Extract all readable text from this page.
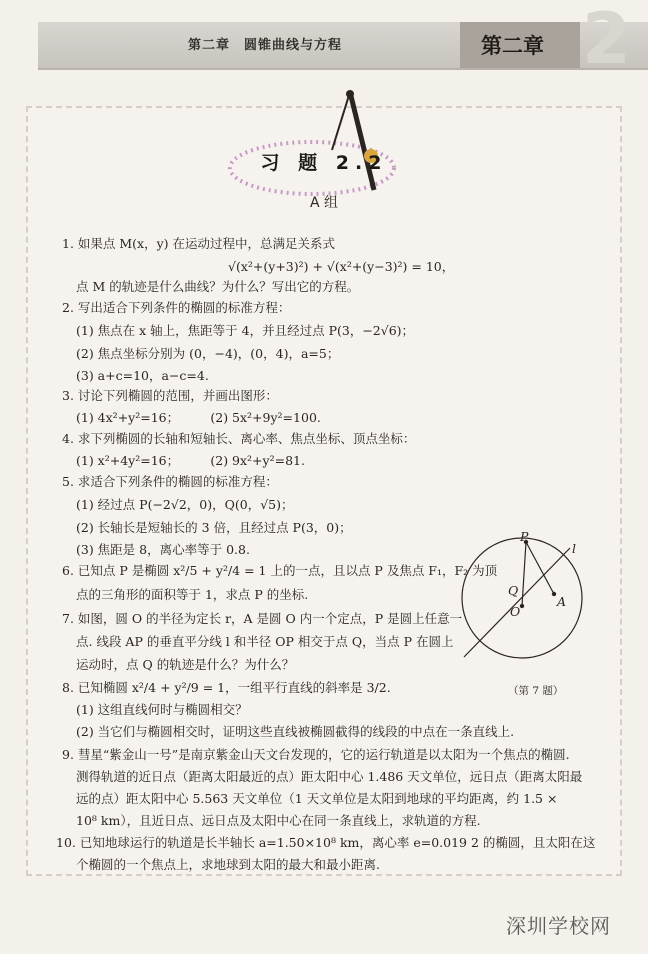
2
第二章　圆锥曲线与方程	第二章
习 题 2.2
A 组
1. 如果点 M(x，y) 在运动过程中，总满足关系式
√(x²+(y+3)²) + √(x²+(y−3)²) = 10，
点 M 的轨迹是什么曲线？为什么？写出它的方程。
2. 写出适合下列条件的椭圆的标准方程：
(1) 焦点在 x 轴上，焦距等于 4，并且经过点 P(3，−2√6)；
(2) 焦点坐标分别为 (0，−4)，(0，4)，a=5；
(3) a+c=10，a−c=4.
3. 讨论下列椭圆的范围，并画出图形：
(1) 4x²+y²=16；　　　(2) 5x²+9y²=100.
4. 求下列椭圆的长轴和短轴长、离心率、焦点坐标、顶点坐标：
(1) x²+4y²=16；　　　(2) 9x²+y²=81.
5. 求适合下列条件的椭圆的标准方程：
(1) 经过点 P(−2√2，0)，Q(0，√5)；
(2) 长轴长是短轴长的 3 倍，且经过点 P(3，0)；
(3) 焦距是 8，离心率等于 0.8.
6. 已知点 P 是椭圆 x²/5 + y²/4 = 1 上的一点，且以点 P 及焦点 F₁，F₂ 为顶
点的三角形的面积等于 1，求点 P 的坐标.
7. 如图，圆 O 的半径为定长 r，A 是圆 O 内一个定点，P 是圆上任意一
点. 线段 AP 的垂直平分线 l 和半径 OP 相交于点 Q，当点 P 在圆上
运动时，点 Q 的轨迹是什么？为什么？
8. 已知椭圆 x²/4 + y²/9 = 1，一组平行直线的斜率是 3/2.
(1) 这组直线何时与椭圆相交？
(2) 当它们与椭圆相交时，证明这些直线被椭圆截得的线段的中点在一条直线上.
9. 彗星“紫金山一号”是南京紫金山天文台发现的，它的运行轨道是以太阳为一个焦点的椭圆.
测得轨道的近日点（距离太阳最近的点）距太阳中心 1.486 天文单位，远日点（距离太阳最
远的点）距太阳中心 5.563 天文单位（1 天文单位是太阳到地球的平均距离，约 1.5 ×
10⁸ km），且近日点、远日点及太阳中心在同一条直线上，求轨道的方程.
10. 已知地球运行的轨道是长半轴长 a=1.50×10⁸ km，离心率 e=0.019 2 的椭圆，且太阳在这
个椭圆的一个焦点上，求地球到太阳的最大和最小距离.
P
l
Q
O
A
（第 7 题）
深圳学校网
